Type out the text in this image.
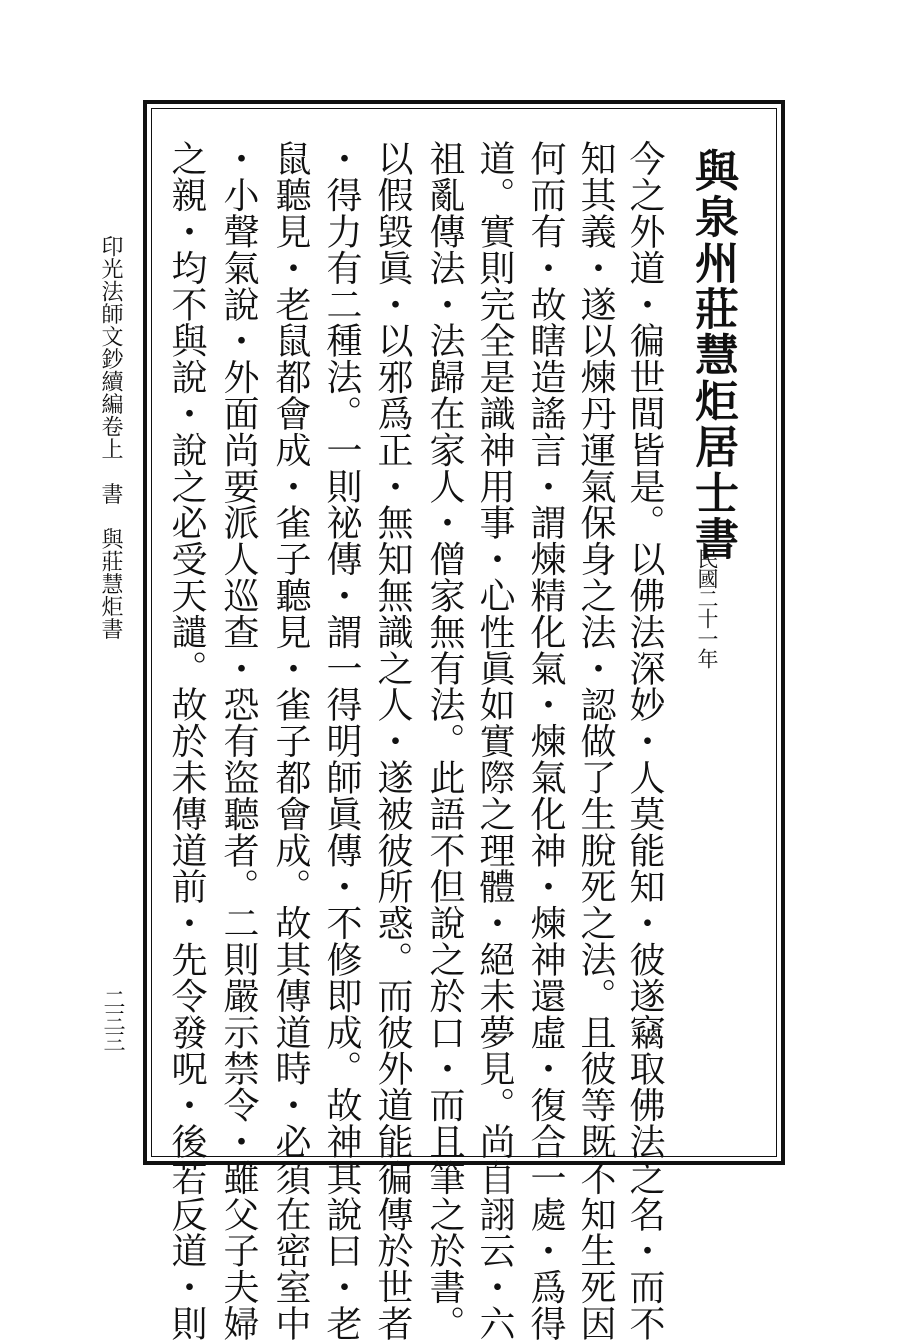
與泉州莊慧炬居士書
民國二十一年
今之外道・徧世間皆是。以佛法深妙・人莫能知・彼遂竊取佛法之名・而不
知其義・遂以煉丹運氣保身之法・認做了生脫死之法。且彼等既不知生死因
何而有・故瞎造謠言・謂煉精化氣・煉氣化神・煉神還虛・復合一處・爲得
道。實則完全是識神用事・心性眞如實際之理體・絕未夢見。尚自詡云・六
祖亂傳法・法歸在家人・僧家無有法。此語不但說之於口・而且筆之於書。
以假毀眞・以邪爲正・無知無識之人・遂被彼所惑。而彼外道能徧傳於世者
・得力有二種法。一則祕傳・謂一得明師眞傳・不修即成。故神其說曰・老
鼠聽見・老鼠都會成・雀子聽見・雀子都會成。故其傳道時・必須在密室中
・小聲氣說・外面尚要派人巡查・恐有盜聽者。二則嚴示禁令・雖父子夫婦
之親・均不與說・說之必受天譴。故於未傳道前・先令發呪・後若反道・則
印光法師文鈔續編卷上　書　與莊慧炬書
二三三
